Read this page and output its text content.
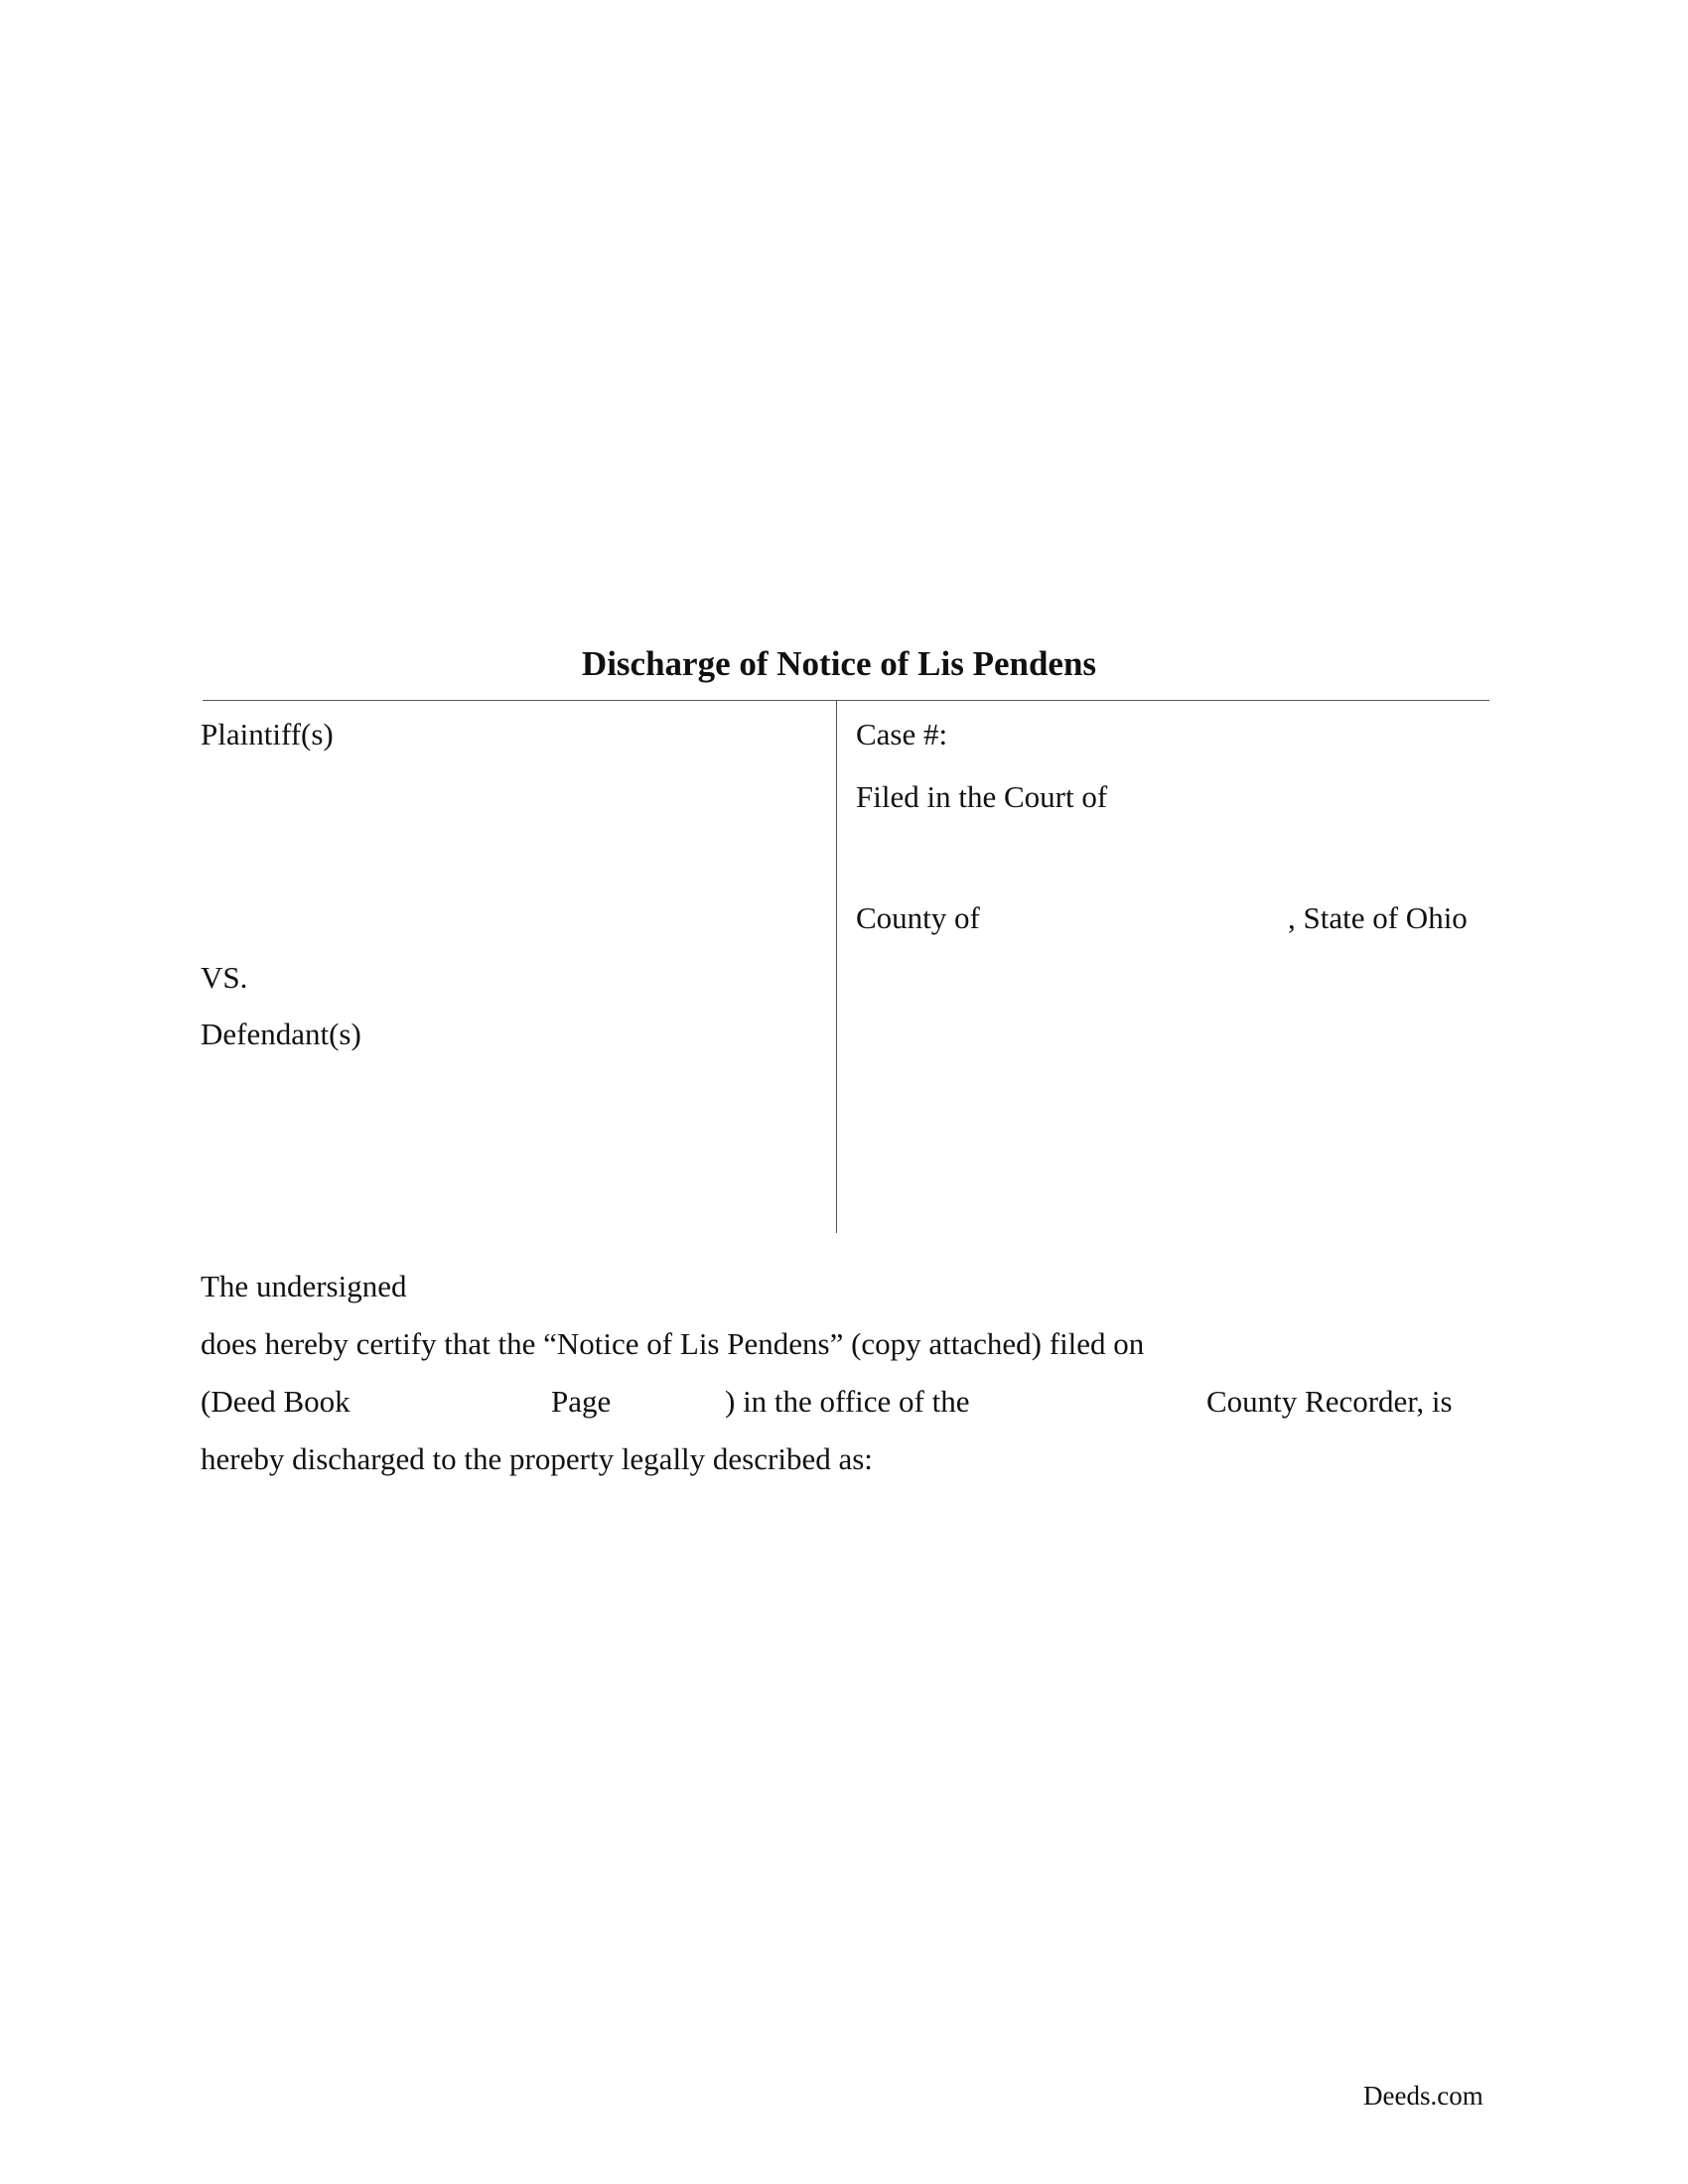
Discharge of Notice of Lis Pendens
Plaintiff(s)
VS.
Defendant(s)
Case #:
Filed in the Court of
County of	, State of Ohio
The undersigned
does hereby certify that the “Notice of Lis Pendens” (copy attached) filed on
(Deed Book	Page	) in the office of the	County Recorder, is
hereby discharged to the property legally described as:
Deeds.com
